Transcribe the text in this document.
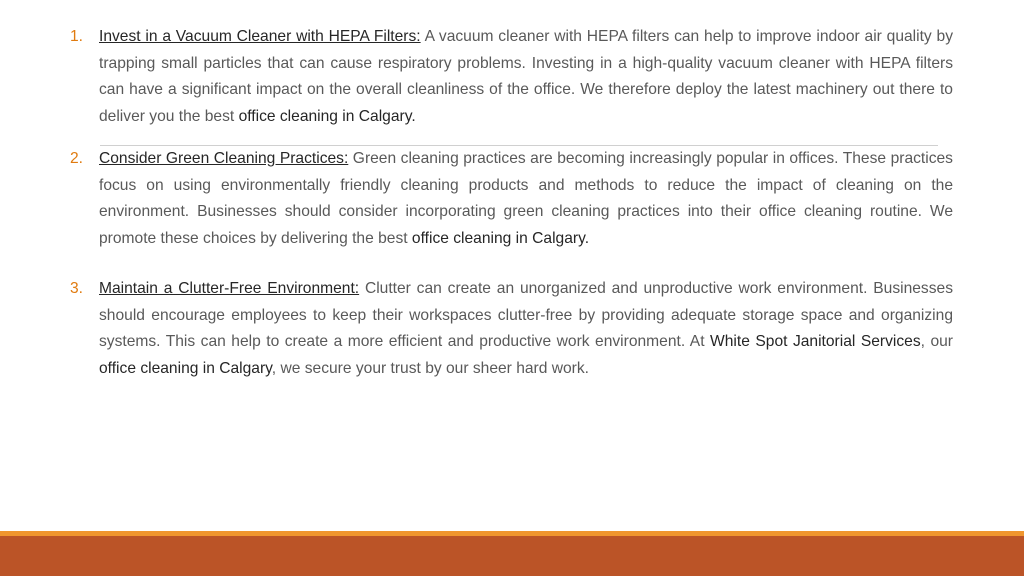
1. Invest in a Vacuum Cleaner with HEPA Filters: A vacuum cleaner with HEPA filters can help to improve indoor air quality by trapping small particles that can cause respiratory problems. Investing in a high-quality vacuum cleaner with HEPA filters can have a significant impact on the overall cleanliness of the office. We therefore deploy the latest machinery out there to deliver you the best office cleaning in Calgary.
2. Consider Green Cleaning Practices: Green cleaning practices are becoming increasingly popular in offices. These practices focus on using environmentally friendly cleaning products and methods to reduce the impact of cleaning on the environment. Businesses should consider incorporating green cleaning practices into their office cleaning routine. We promote these choices by delivering the best office cleaning in Calgary.
3. Maintain a Clutter-Free Environment: Clutter can create an unorganized and unproductive work environment. Businesses should encourage employees to keep their workspaces clutter-free by providing adequate storage space and organizing systems. This can help to create a more efficient and productive work environment. At White Spot Janitorial Services, our office cleaning in Calgary, we secure your trust by our sheer hard work.
